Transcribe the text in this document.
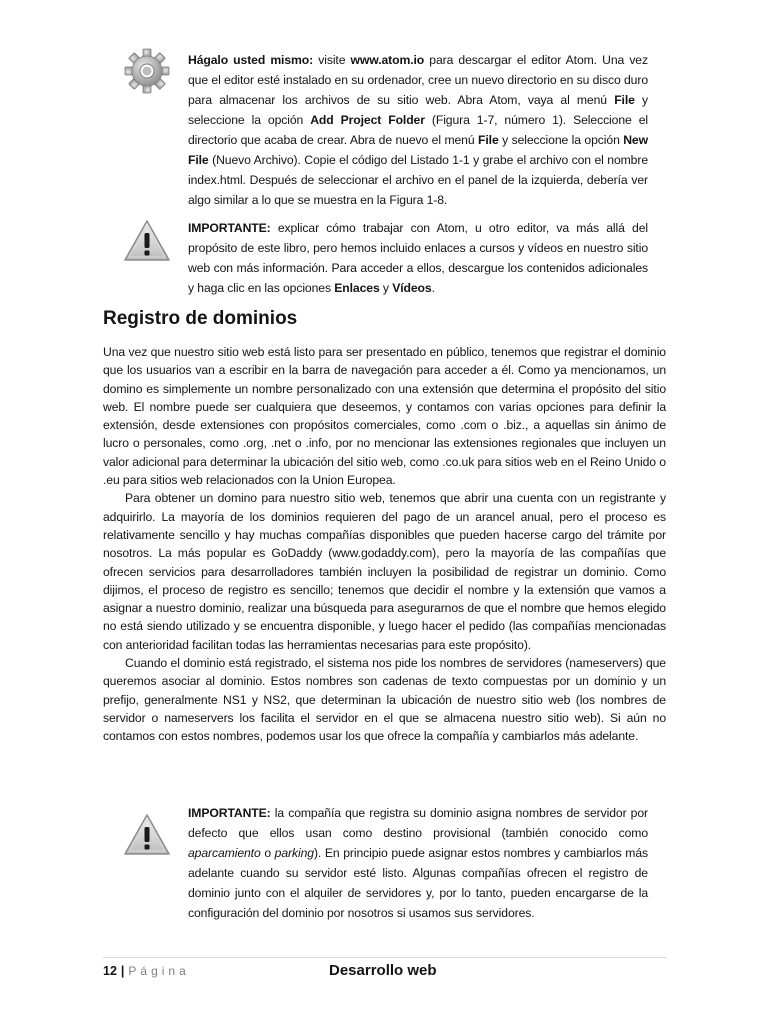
Hágalo usted mismo: visite www.atom.io para descargar el editor Atom. Una vez que el editor esté instalado en su ordenador, cree un nuevo directorio en su disco duro para almacenar los archivos de su sitio web. Abra Atom, vaya al menú File y seleccione la opción Add Project Folder (Figura 1-7, número 1). Seleccione el directorio que acaba de crear. Abra de nuevo el menú File y seleccione la opción New File (Nuevo Archivo). Copie el código del Listado 1-1 y grabe el archivo con el nombre index.html. Después de seleccionar el archivo en el panel de la izquierda, debería ver algo similar a lo que se muestra en la Figura 1-8.
IMPORTANTE: explicar cómo trabajar con Atom, u otro editor, va más allá del propósito de este libro, pero hemos incluido enlaces a cursos y vídeos en nuestro sitio web con más información. Para acceder a ellos, descargue los contenidos adicionales y haga clic en las opciones Enlaces y Vídeos.
Registro de dominios

Una vez que nuestro sitio web está listo para ser presentado en público, tenemos que registrar el dominio que los usuarios van a escribir en la barra de navegación para acceder a él. Como ya mencionamos, un domino es simplemente un nombre personalizado con una extensión que determina el propósito del sitio web. El nombre puede ser cualquiera que deseemos, y contamos con varias opciones para definir la extensión, desde extensiones con propósitos comerciales, como .com o .biz., a aquellas sin ánimo de lucro o personales, como .org, .net o .info, por no mencionar las extensiones regionales que incluyen un valor adicional para determinar la ubicación del sitio web, como .co.uk para sitios web en el Reino Unido o .eu para sitios web relacionados con la Union Europea.

Para obtener un domino para nuestro sitio web, tenemos que abrir una cuenta con un registrante y adquirirlo. La mayoría de los dominios requieren del pago de un arancel anual, pero el proceso es relativamente sencillo y hay muchas compañías disponibles que pueden hacerse cargo del trámite por nosotros. La más popular es GoDaddy (www.godaddy.com), pero la mayoría de las compañías que ofrecen servicios para desarrolladores también incluyen la posibilidad de registrar un dominio. Como dijimos, el proceso de registro es sencillo; tenemos que decidir el nombre y la extensión que vamos a asignar a nuestro dominio, realizar una búsqueda para asegurarnos de que el nombre que hemos elegido no está siendo utilizado y se encuentra disponible, y luego hacer el pedido (las compañías mencionadas con anterioridad facilitan todas las herramientas necesarias para este propósito).

Cuando el dominio está registrado, el sistema nos pide los nombres de servidores (nameservers) que queremos asociar al dominio. Estos nombres son cadenas de texto compuestas por un dominio y un prefijo, generalmente NS1 y NS2, que determinan la ubicación de nuestro sitio web (los nombres de servidor o nameservers los facilita el servidor en el que se almacena nuestro sitio web). Si aún no contamos con estos nombres, podemos usar los que ofrece la compañía y cambiarlos más adelante.

IMPORTANTE: la compañía que registra su dominio asigna nombres de servidor por defecto que ellos usan como destino provisional (también conocido como aparcamiento o parking). En principio puede asignar estos nombres y cambiarlos más adelante cuando su servidor esté listo. Algunas compañías ofrecen el registro de dominio junto con el alquiler de servidores y, por lo tanto, pueden encargarse de la configuración del dominio por nosotros si usamos sus servidores.
12 | Página	Desarrollo web
